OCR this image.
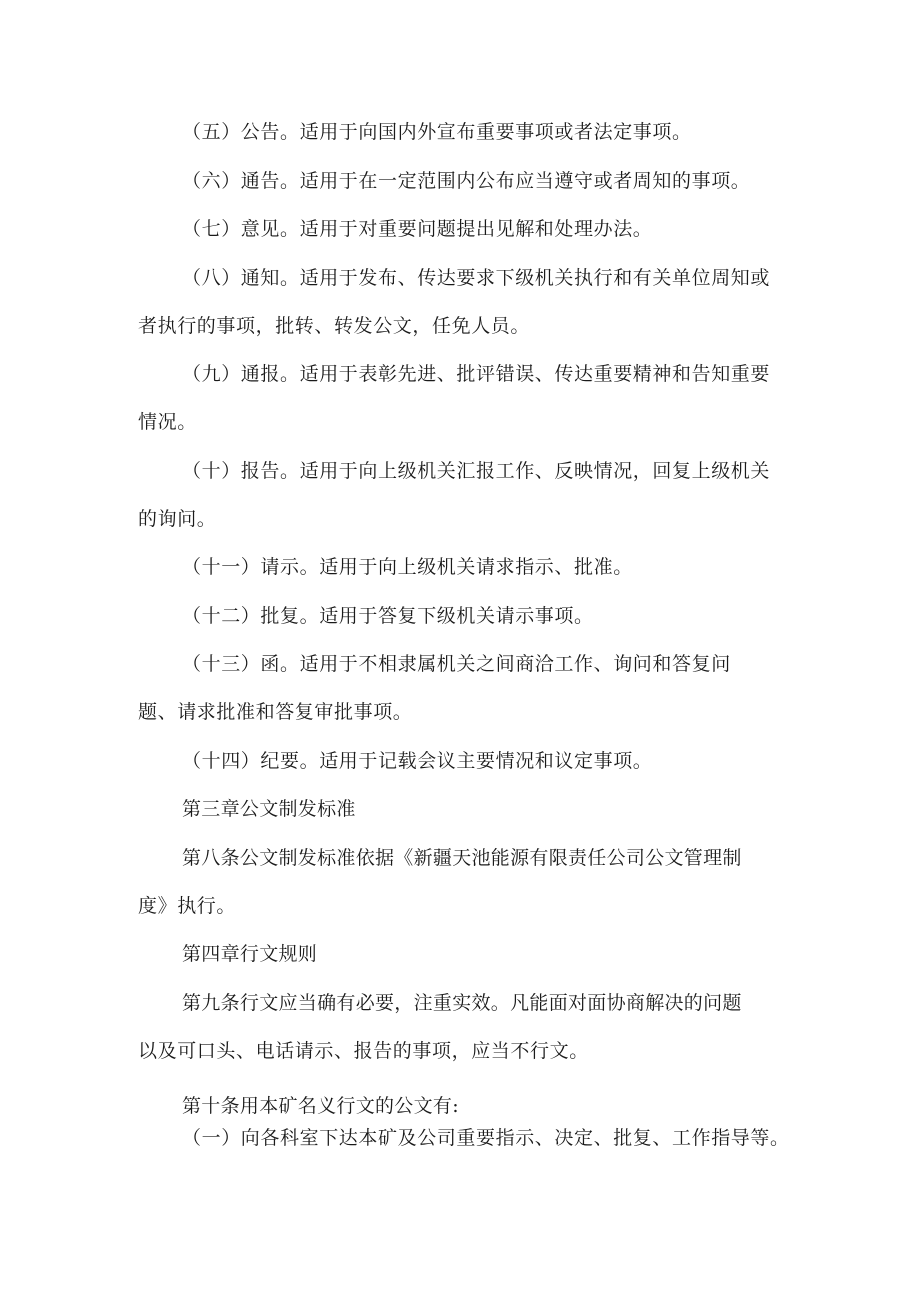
（五）公告。适用于向国内外宣布重要事项或者法定事项。
（六）通告。适用于在一定范围内公布应当遵守或者周知的事项。
（七）意见。适用于对重要问题提出见解和处理办法。
（八）通知。适用于发布、传达要求下级机关执行和有关单位周知或
者执行的事项，批转、转发公文，任免人员。
（九）通报。适用于表彰先进、批评错误、传达重要精神和告知重要
情况。
（十）报告。适用于向上级机关汇报工作、反映情况，回复上级机关
的询问。
（十一）请示。适用于向上级机关请求指示、批准。
（十二）批复。适用于答复下级机关请示事项。
（十三）函。适用于不相隶属机关之间商洽工作、询问和答复问
题、请求批准和答复审批事项。
（十四）纪要。适用于记载会议主要情况和议定事项。
第三章公文制发标准
第八条公文制发标准依据《新疆天池能源有限责任公司公文管理制
度》执行。
第四章行文规则
第九条行文应当确有必要，注重实效。凡能面对面协商解决的问题
以及可口头、电话请示、报告的事项，应当不行文。
第十条用本矿名义行文的公文有:
（一）向各科室下达本矿及公司重要指示、决定、批复、工作指导等。
